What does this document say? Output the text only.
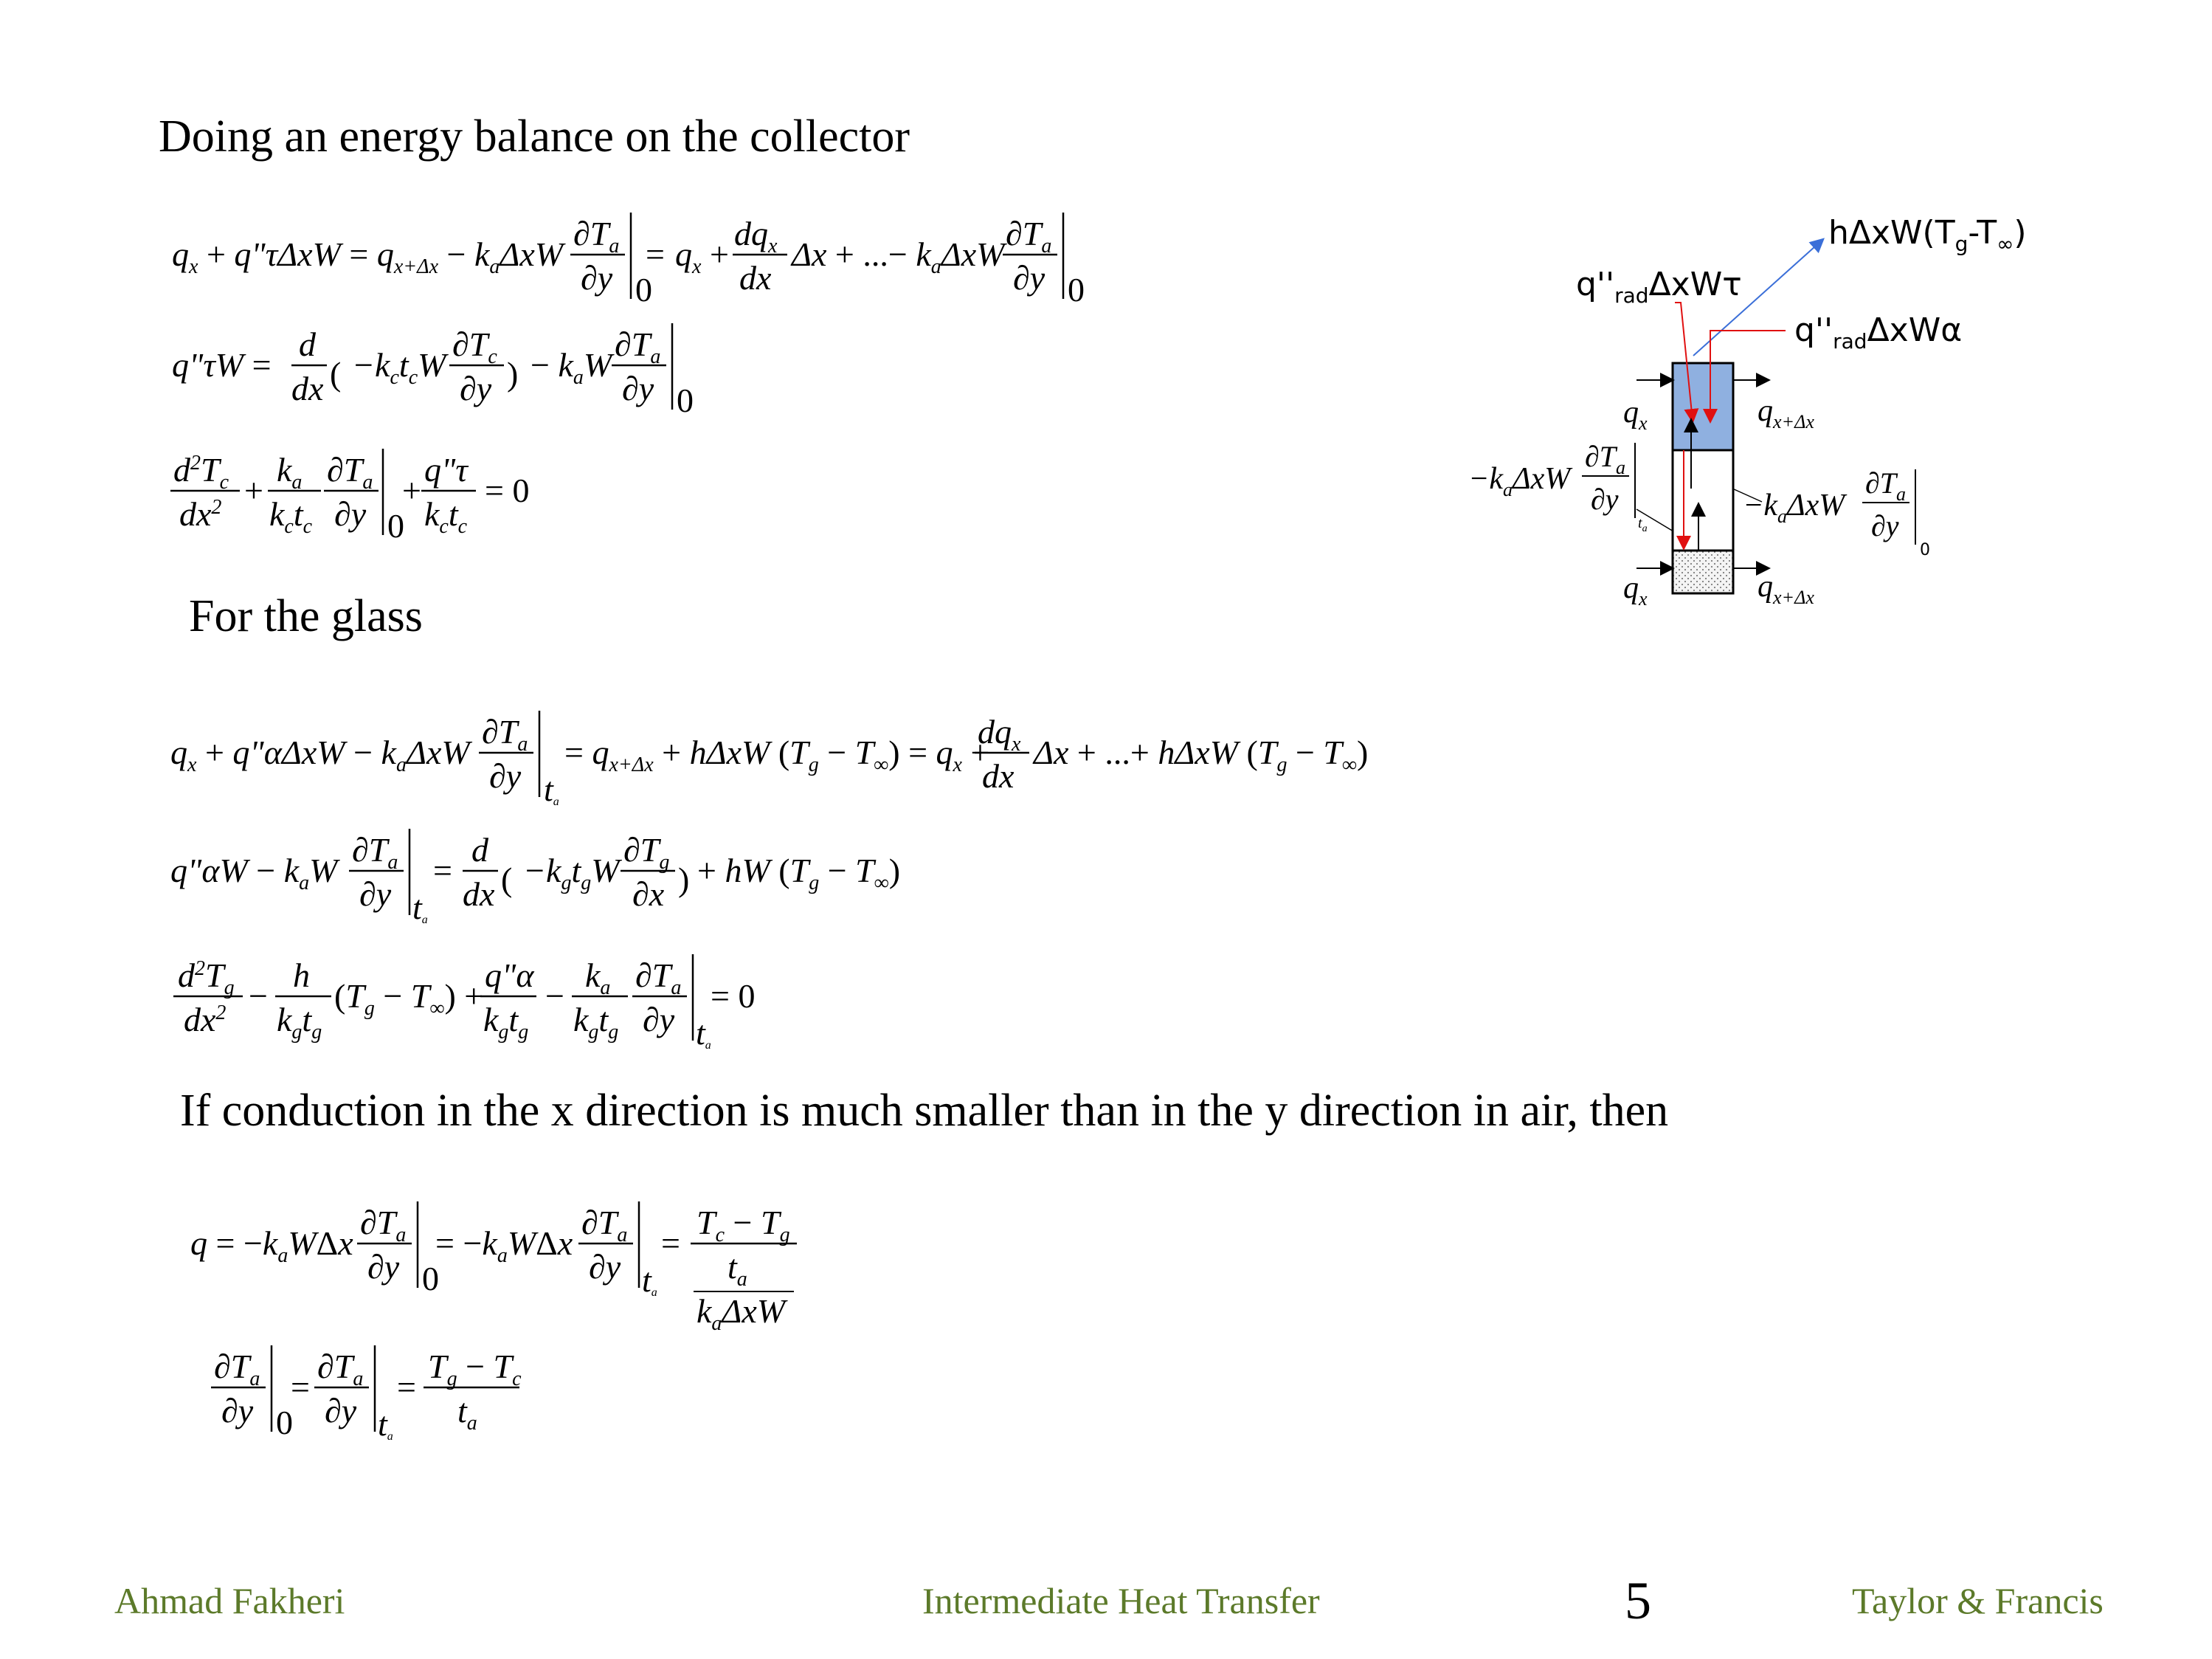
Doing an energy balance on the collector
For the glass
If conduction in the x direction is much smaller than in the y direction in air, then
$q_x$ + q"τΔxW = $q_{x+\Delta x} - k_a\Delta xW$
$\partial T_a$
∂y 0
= $q_x$ +
$dq_x$
dx
Δx + ...− $k_a\Delta xW$
$\partial T_a$
∂y 0
q"τW =
d
dx ( $-k_ct_cW$
$\partial T_c$
∂y ) − $k_aW$
$\partial T_a$
∂y 0
$d^2T_c$
$dx^2$ +
$k_a$
$k_ct_c$
$\partial T_a$
∂y 0
+
q"τ
$k_ct_c$
= 0
$q_x$ + q"αΔxW − $k_a\Delta xW$
$\partial T_a$
∂y ta
= $q_{x+\Delta x} + h\Delta xW$ $(T_g - T_\infty) = q_x$ +
$dq_x$
dx
Δx + ...+ hΔxW $(T_g - T_\infty)$
q"αW − $k_aW$
$\partial T_a$
∂y ta
=
d
dx ( $-k_gt_gW$
$\partial T_g$
∂x ) + hW $(T_g - T_\infty)$
$d^2T_g$
$dx^2$ −
h
$k_gt_g$
$(T_g - T_\infty)$ +
q"α
$k_gt_g$
−
$k_a$
$k_gt_g$
$\partial T_a$
∂y ta
= 0
$q = -k_aW\Delta x$
$\partial T_a$
∂y 0
= $-k_aW\Delta x$
$\partial T_a$
∂y ta
=
$T_c - T_g$
$t_a$
$k_a\Delta xW$
$\partial T_a$
∂y 0
=
$\partial T_a$
∂y ta
=
$T_g - T_c$
$t_a$
$h\Delta xW(T_g-T_\infty)$
$q''_{rad}\Delta xW\tau$
$q''_{rad}\Delta xW\alpha$
$q_x$	$q_{x+\Delta x}$
$q_x$	$q_{x+\Delta x}$
$-k_a\Delta xW$
$\partial T_a$
∂y
$t_a$
$-k_a\Delta xW$
$\partial T_a$
∂y
0
Ahmad Fakheri	Intermediate Heat Transfer	5	Taylor & Francis
